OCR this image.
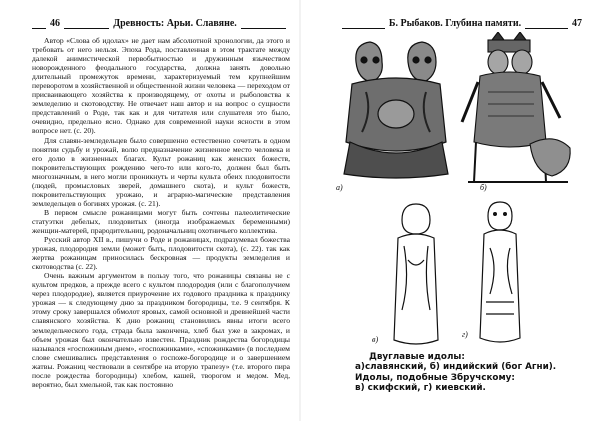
46	Древность: Арьи. Славяне.

Автор «Слова об идолах» не дает нам абсолютной хронологии, да этого и требовать от него нельзя. Эпоха Рода, поставленная в этом трактате между далекой анимистической первобытностью и дружинным язычеством новорожденного феодального государства, должна занять довольно длительный промежуток времени, характеризуемый тем крупнейшим переворотом в хозяйственной и общественной жизни человека — переходом от присваивающего хозяйства к производящему, от охоты и рыболовства к земледелию и скотоводству. Не отвечает наш автор и на вопрос о сущности представлений о Роде, так как и для читателя или слушателя это было, очевидно, предельно ясно. Однако для современной науки ясности в этом вопросе нет. (с. 20).

Для славян-земледельцев было совершенно естественно сочетать в одном понятии судьбу и урожай, волю предназначение жизненное место человека и его долю в жизненных благах. Культ рожаниц как женских божеств, покровительствующих рождению чего-то или кого-то, должен был быть многозначным, в него могли проникнуть и черты культа обеих плодовитости (людей, промысловых зверей, домашнего скота), и культ божеств, покровительствующих урожаю, и аграрно-магические представления земледельцев о богинях урожая. (с. 21).

В первом смысле рожаницами могут быть сочтены палеолитические статуэтки дебелых, плодовитых (иногда изображаемых беременными) женщин-матерей, прародительниц, родоначальниц охотничьего коллектива.

Русский автор XII в., пишучи о Роде и рожаницах, подразумевал божества урожая, плодородия земли (может быть, плодовитости скота), (с. 22). так как жертва рожаницам приносилась бескровная — продукты земледелия и скотоводства (с. 22).

Очень важным аргументом в пользу того, что рожаницы связаны не с культом предков, а прежде всего с культом плодородия (или с благополучием через плодородие), является приурочение их годового праздника к празднику урожая — к следующему дню за праздником богородицы, т.е. 9 сентября. К этому сроку завершался обмолот яровых, самой основной и древнейшей части славянского хозяйства. К дню рожаниц становились явны итоги всего земледельческого года, страда была закончена, хлеб был уже в закромах, и объем урожая был окончательно известен. Праздник рождества богородицы назывался «госпожиным днем», «госпожинками», «спожинками» (в последнем слове смешивались представления о госпоже-богородице и о завершением жатвы. Рожаниц чествовали в сентябре на вторую трапезу» (т.е. второго пира после рождества богородицы) хлебом, кашей, творогом и медом. Мед, вероятно, был хмельной, так как постоянно

Б. Рыбаков. Глубина памяти.	47
а)	б)
в)
г)
Двуглавые идолы:
а)славянский, б) индийский (бог Агни).
Идолы, подобные Збручскому:
в) скифский, г) киевский.
